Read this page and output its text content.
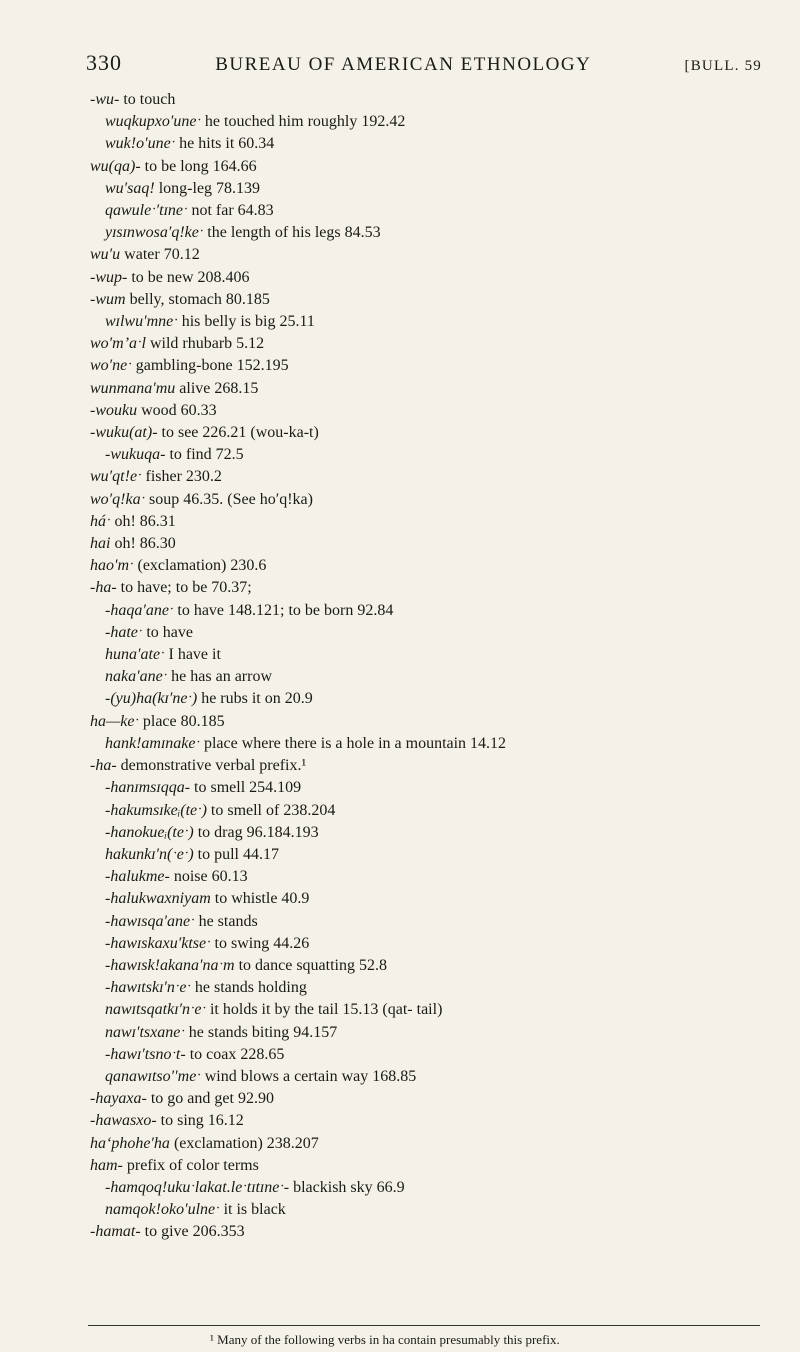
330	BUREAU OF AMERICAN ETHNOLOGY	[BULL. 59
-wu- to touch
wuqkupxo′uneˑ he touched him roughly 192.42
wuk!o′uneˑ he hits it 60.34
wu(qa)- to be long 164.66
wu′saq! long-leg 78.139
qawuleˑ′tɪneˑ not far 64.83
yɪsɪnwosa′q!keˑ the length of his legs 84.53
wu′u water 70.12
-wup- to be new 208.406
-wum belly, stomach 80.185
wɪlwu′mneˑ his belly is big 25.11
wo′m’aˑl wild rhubarb 5.12
wo′neˑ gambling-bone 152.195
wunmana′mu alive 268.15
-wouku wood 60.33
-wuku(at)- to see 226.21 (wou-ka-t)
-wukuqa- to find 72.5
wu′qt!eˑ fisher 230.2
wo′q!kaˑ soup 46.35. (See ho′q!ka)
háˑ oh! 86.31
hai oh! 86.30
hao′mˑ (exclamation) 230.6
-ha- to have; to be 70.37;
-haqa′aneˑ to have 148.121; to be born 92.84
-hateˑ to have
huna′ateˑ I have it
naka′aneˑ he has an arrow
-(yu)ha(kɪ′neˑ) he rubs it on 20.9
ha—keˑ place 80.185
hank!amɪnakeˑ place where there is a hole in a mountain 14.12
-ha- demonstrative verbal prefix.¹
-hanɪmsɪqqa- to smell 254.109
-hakumsɪkeᵢ(teˑ) to smell of 238.204
-hanokueᵢ(teˑ) to drag 96.184.193
hakunkɪ′n(ˑeˑ) to pull 44.17
-halukme- noise 60.13
-halukwaxniyam to whistle 40.9
-hawɪsqa′aneˑ he stands
-hawɪskaxu′ktseˑ to swing 44.26
-hawɪsk!akana′naˑm to dance squatting 52.8
-hawɪtskɪ′nˑeˑ he stands holding
nawɪtsqatkɪ′nˑeˑ it holds it by the tail 15.13 (qat- tail)
nawɪ′tsxaneˑ he stands biting 94.157
-hawɪ′tsnoˑt- to coax 228.65
qanawɪtso′′meˑ wind blows a certain way 168.85
-hayaxa- to go and get 92.90
-hawasxo- to sing 16.12
ha‘phohe′ha (exclamation) 238.207
ham- prefix of color terms
-hamqoq!ukuˑlakat.leˑtɪtɪneˑ- blackish sky 66.9
namqok!oko′ulneˑ it is black
-hamat- to give 206.353
¹ Many of the following verbs in ha contain presumably this prefix.
